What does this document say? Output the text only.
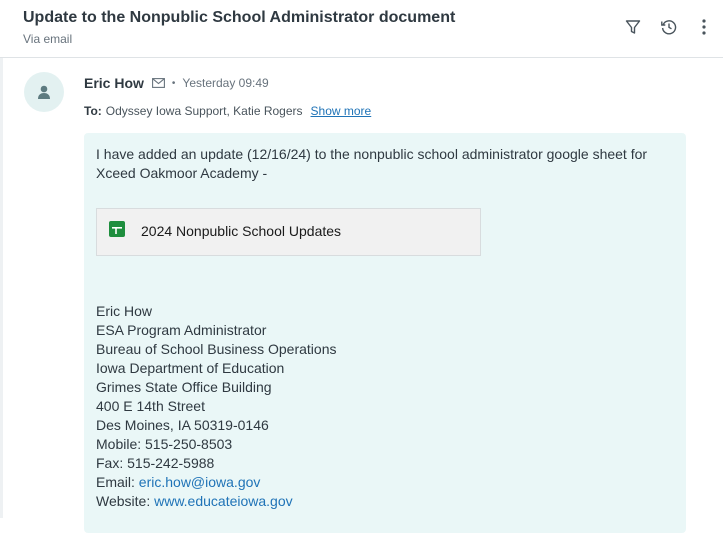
Update to the Nonpublic School Administrator document
Via email
Eric How	• Yesterday 09:49
To: Odyssey Iowa Support, Katie Rogers Show more
I have added an update (12/16/24) to the nonpublic school administrator google sheet for Xceed Oakmoor Academy -
2024 Nonpublic School Updates
Eric How
ESA Program Administrator
Bureau of School Business Operations
Iowa Department of Education
Grimes State Office Building
400 E 14th Street
Des Moines, IA 50319-0146
Mobile: 515-250-8503
Fax: 515-242-5988
Email: eric.how@iowa.gov
Website: www.educateiowa.gov
